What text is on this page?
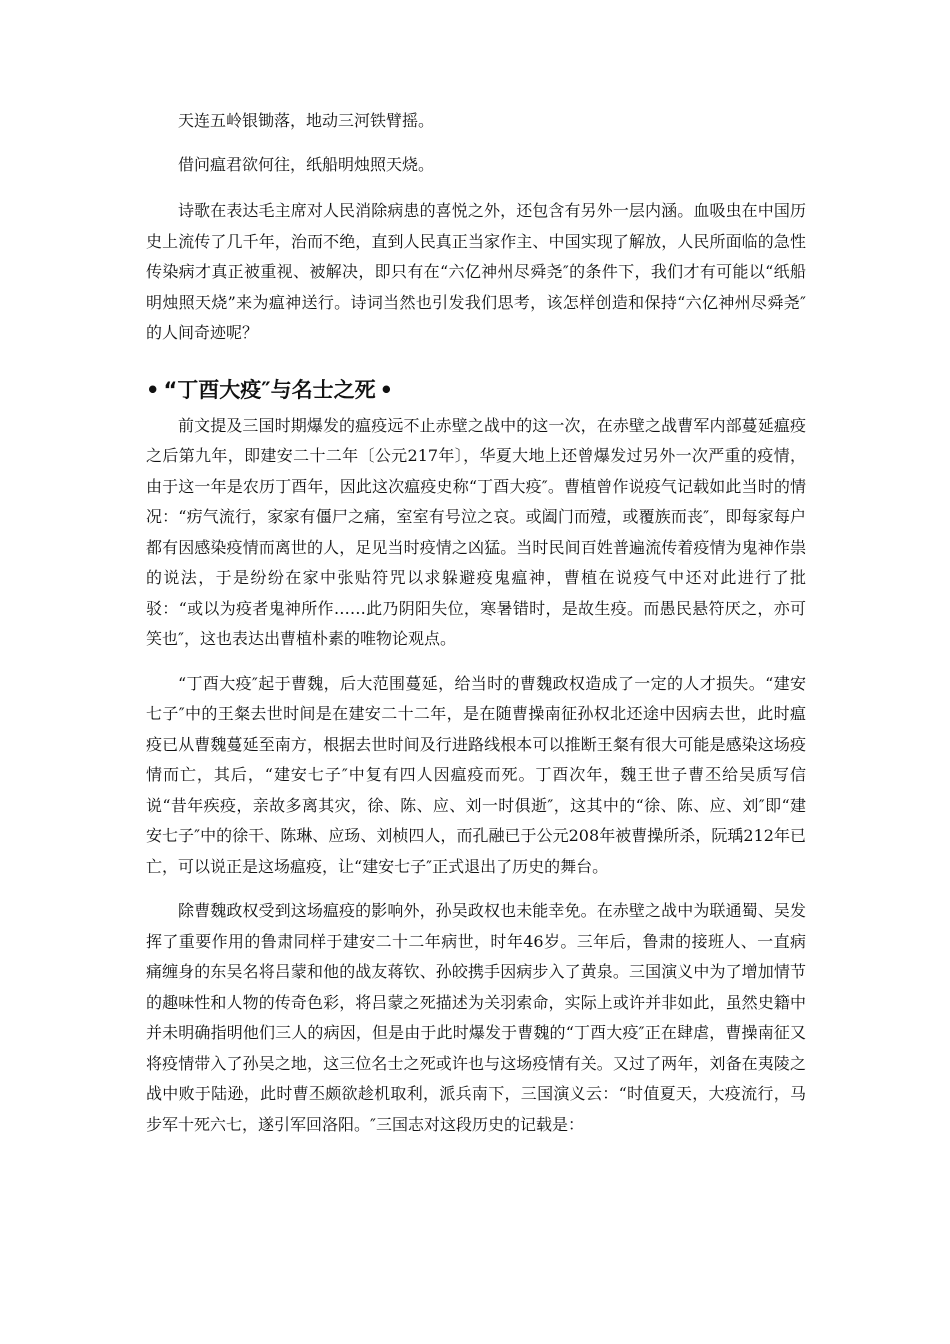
天连五岭银锄落，地动三河铁臂摇。

借问瘟君欲何往，纸船明烛照天烧。

诗歌在表达毛主席对人民消除病患的喜悦之外，还包含有另外一层内涵。血吸虫在中国历史上流传了几千年，治而不绝，直到人民真正当家作主、中国实现了解放，人民所面临的急性传染病才真正被重视、被解决，即只有在“六亿神州尽舜尧″的条件下，我们才有可能以“纸船明烛照天烧”来为瘟神送行。诗词当然也引发我们思考，该怎样创造和保持“六亿神州尽舜尧″的人间奇迹呢？

• “丁酉大疫″与名士之死 •

前文提及三国时期爆发的瘟疫远不止赤壁之战中的这一次，在赤壁之战曹军内部蔓延瘟疫之后第九年，即建安二十二年〔公元217年〕，华夏大地上还曾爆发过另外一次严重的疫情，由于这一年是农历丁酉年，因此这次瘟疫史称“丁酉大疫″。曹植曾作说疫气记载如此当时的情况：“疠气流行，家家有僵尸之痛，室室有号泣之哀。或阖门而殪，或覆族而丧″，即每家每户都有因感染疫情而离世的人，足见当时疫情之凶猛。当时民间百姓普遍流传着疫情为鬼神作祟的说法，于是纷纷在家中张贴符咒以求躲避疫鬼瘟神，曹植在说疫气中还对此进行了批驳：“或以为疫者鬼神所作……此乃阴阳失位，寒暑错时，是故生疫。而愚民悬符厌之，亦可笑也″，这也表达出曹植朴素的唯物论观点。

“丁酉大疫″起于曹魏，后大范围蔓延，给当时的曹魏政权造成了一定的人才损失。“建安七子″中的王粲去世时间是在建安二十二年，是在随曹操南征孙权北还途中因病去世，此时瘟疫已从曹魏蔓延至南方，根据去世时间及行进路线根本可以推断王粲有很大可能是感染这场疫情而亡，其后，“建安七子″中复有四人因瘟疫而死。丁酉次年，魏王世子曹丕给吴质写信说“昔年疾疫，亲故多离其灾，徐、陈、应、刘一时俱逝″，这其中的“徐、陈、应、刘″即“建安七子″中的徐干、陈琳、应玚、刘桢四人，而孔融已于公元208年被曹操所杀，阮瑀212年已亡，可以说正是这场瘟疫，让“建安七子″正式退出了历史的舞台。

除曹魏政权受到这场瘟疫的影响外，孙吴政权也未能幸免。在赤壁之战中为联通蜀、吴发挥了重要作用的鲁肃同样于建安二十二年病世，时年46岁。三年后，鲁肃的接班人、一直病痛缠身的东吴名将吕蒙和他的战友蒋钦、孙皎携手因病步入了黄泉。三国演义中为了增加情节的趣味性和人物的传奇色彩，将吕蒙之死描述为关羽索命，实际上或许并非如此，虽然史籍中并未明确指明他们三人的病因，但是由于此时爆发于曹魏的“丁酉大疫″正在肆虐，曹操南征又将疫情带入了孙吴之地，这三位名士之死或许也与这场疫情有关。又过了两年，刘备在夷陵之战中败于陆逊，此时曹丕颇欲趁机取利，派兵南下，三国演义云：“时值夏天，大疫流行，马步军十死六七，遂引军回洛阳。″三国志对这段历史的记载是：
